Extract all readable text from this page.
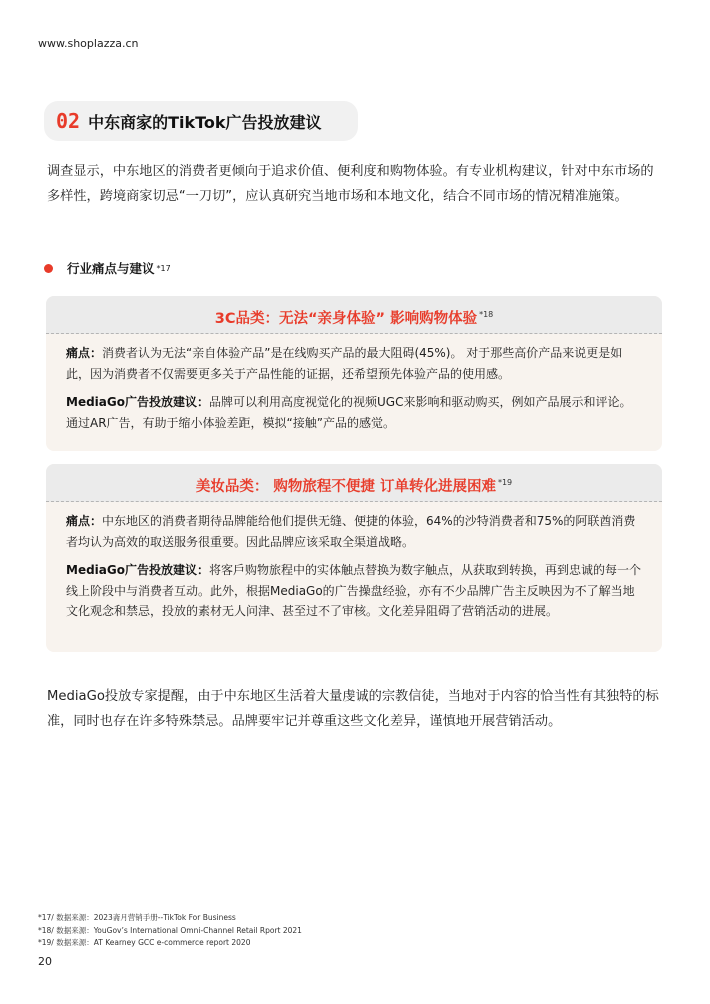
www.shoplazza.cn
02 中东商家的TikTok广告投放建议
调查显示，中东地区的消费者更倾向于追求价值、便利度和购物体验。有专业机构建议，针对中东市场的多样性，跨境商家切忌“一刀切”，应认真研究当地市场和本地文化，结合不同市场的情况精准施策。
行业痛点与建议 *17
3C品类：无法“亲身体验” 影响购物体验 $^{*18}$

痛点：消费者认为无法“亲自体验产品”是在线购买产品的最大阻碍(45%)。 对于那些高价产品来说更是如此，因为消费者不仅需要更多关于产品性能的证据，还希望预先体验产品的使用感。

MediaGo广告投放建议：品牌可以利用高度视觉化的视频UGC来影响和驱动购买，例如产品展示和评论。 通过AR广告，有助于缩小体验差距，模拟“接触”产品的感觉。

美妆品类： 购物旅程不便捷 订单转化进展困难 $^{*19}$

痛点：中东地区的消费者期待品牌能给他们提供无缝、便捷的体验，64%的沙特消费者和75%的阿联酋消费者均认为高效的取送服务很重要。因此品牌应该采取全渠道战略。

MediaGo广告投放建议：将客戶购物旅程中的实体触点替换为数字触点，从获取到转换，再到忠诚的每一个线上阶段中与消费者互动。此外，根据MediaGo的广告操盘经验，亦有不少品牌广告主反映因为不了解当地文化观念和禁忌，投放的素材无人问津、甚至过不了审核。文化差异阻碍了营销活动的进展。

MediaGo投放专家提醒，由于中东地区生活着大量虔诚的宗教信徒，当地对于内容的恰当性有其独特的标准，同时也存在许多特殊禁忌。品牌要牢记并尊重这些文化差异，谨慎地开展营销活动。
*17/ 数据来源：2023斋月营销手册--TikTok For Business
*18/ 数据来源：YouGov’s International Omni-Channel Retail Rport 2021
*19/ 数据来源：AT Kearney GCC e-commerce report 2020
20
